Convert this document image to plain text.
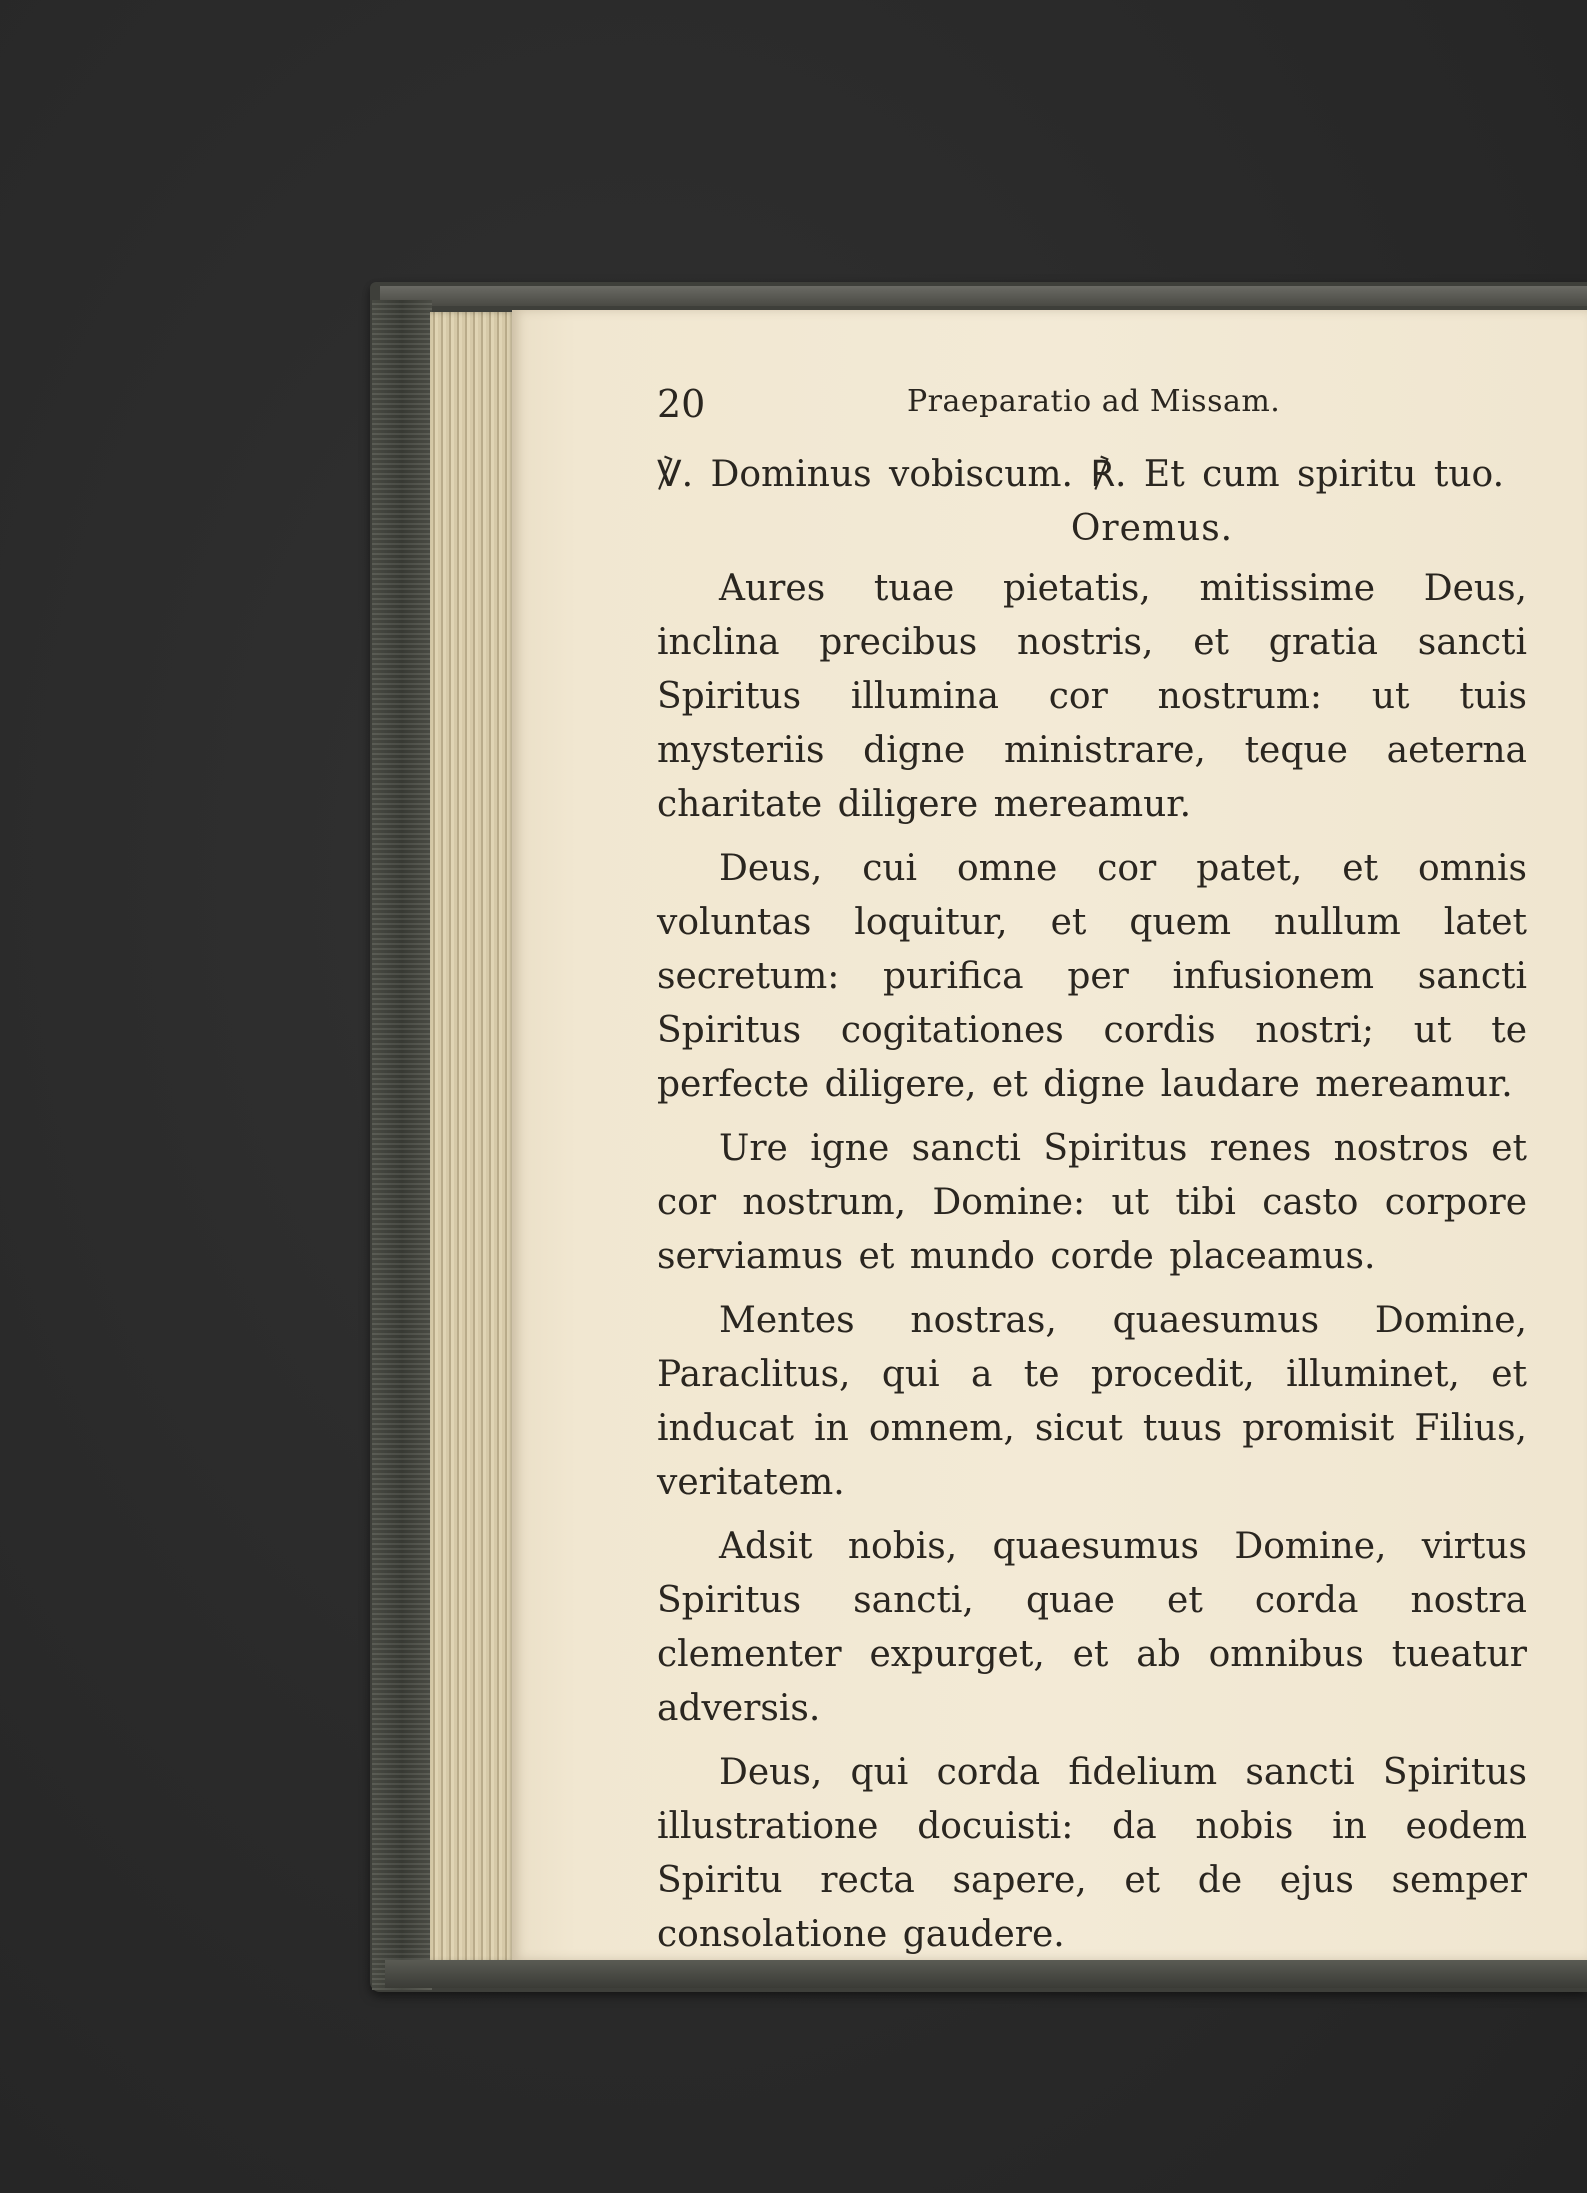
20	Praeparatio ad Missam.
℣. Dominus vobiscum. ℟. Et cum spiritu tuo.
Oremus.

Aures tuae pietatis, mitissime Deus, inclina precibus nostris, et gratia sancti Spiritus illumina cor nostrum: ut tuis mysteriis digne ministrare, teque aeterna charitate diligere mereamur.

Deus, cui omne cor patet, et omnis voluntas loquitur, et quem nullum latet secretum: purifica per infusionem sancti Spiritus cogitationes cordis nostri; ut te perfecte diligere, et digne laudare mereamur.

Ure igne sancti Spiritus renes nostros et cor nostrum, Domine: ut tibi casto corpore serviamus et mundo corde placeamus.

Mentes nostras, quaesumus Domine, Paraclitus, qui a te procedit, illuminet, et inducat in omnem, sicut tuus promisit Filius, veritatem.

Adsit nobis, quaesumus Domine, virtus Spiritus sancti, quae et corda nostra clementer expurget, et ab omnibus tueatur adversis.

Deus, qui corda fidelium sancti Spiritus illustratione docuisti: da nobis in eodem Spiritu recta sapere, et de ejus semper consolatione gaudere.
